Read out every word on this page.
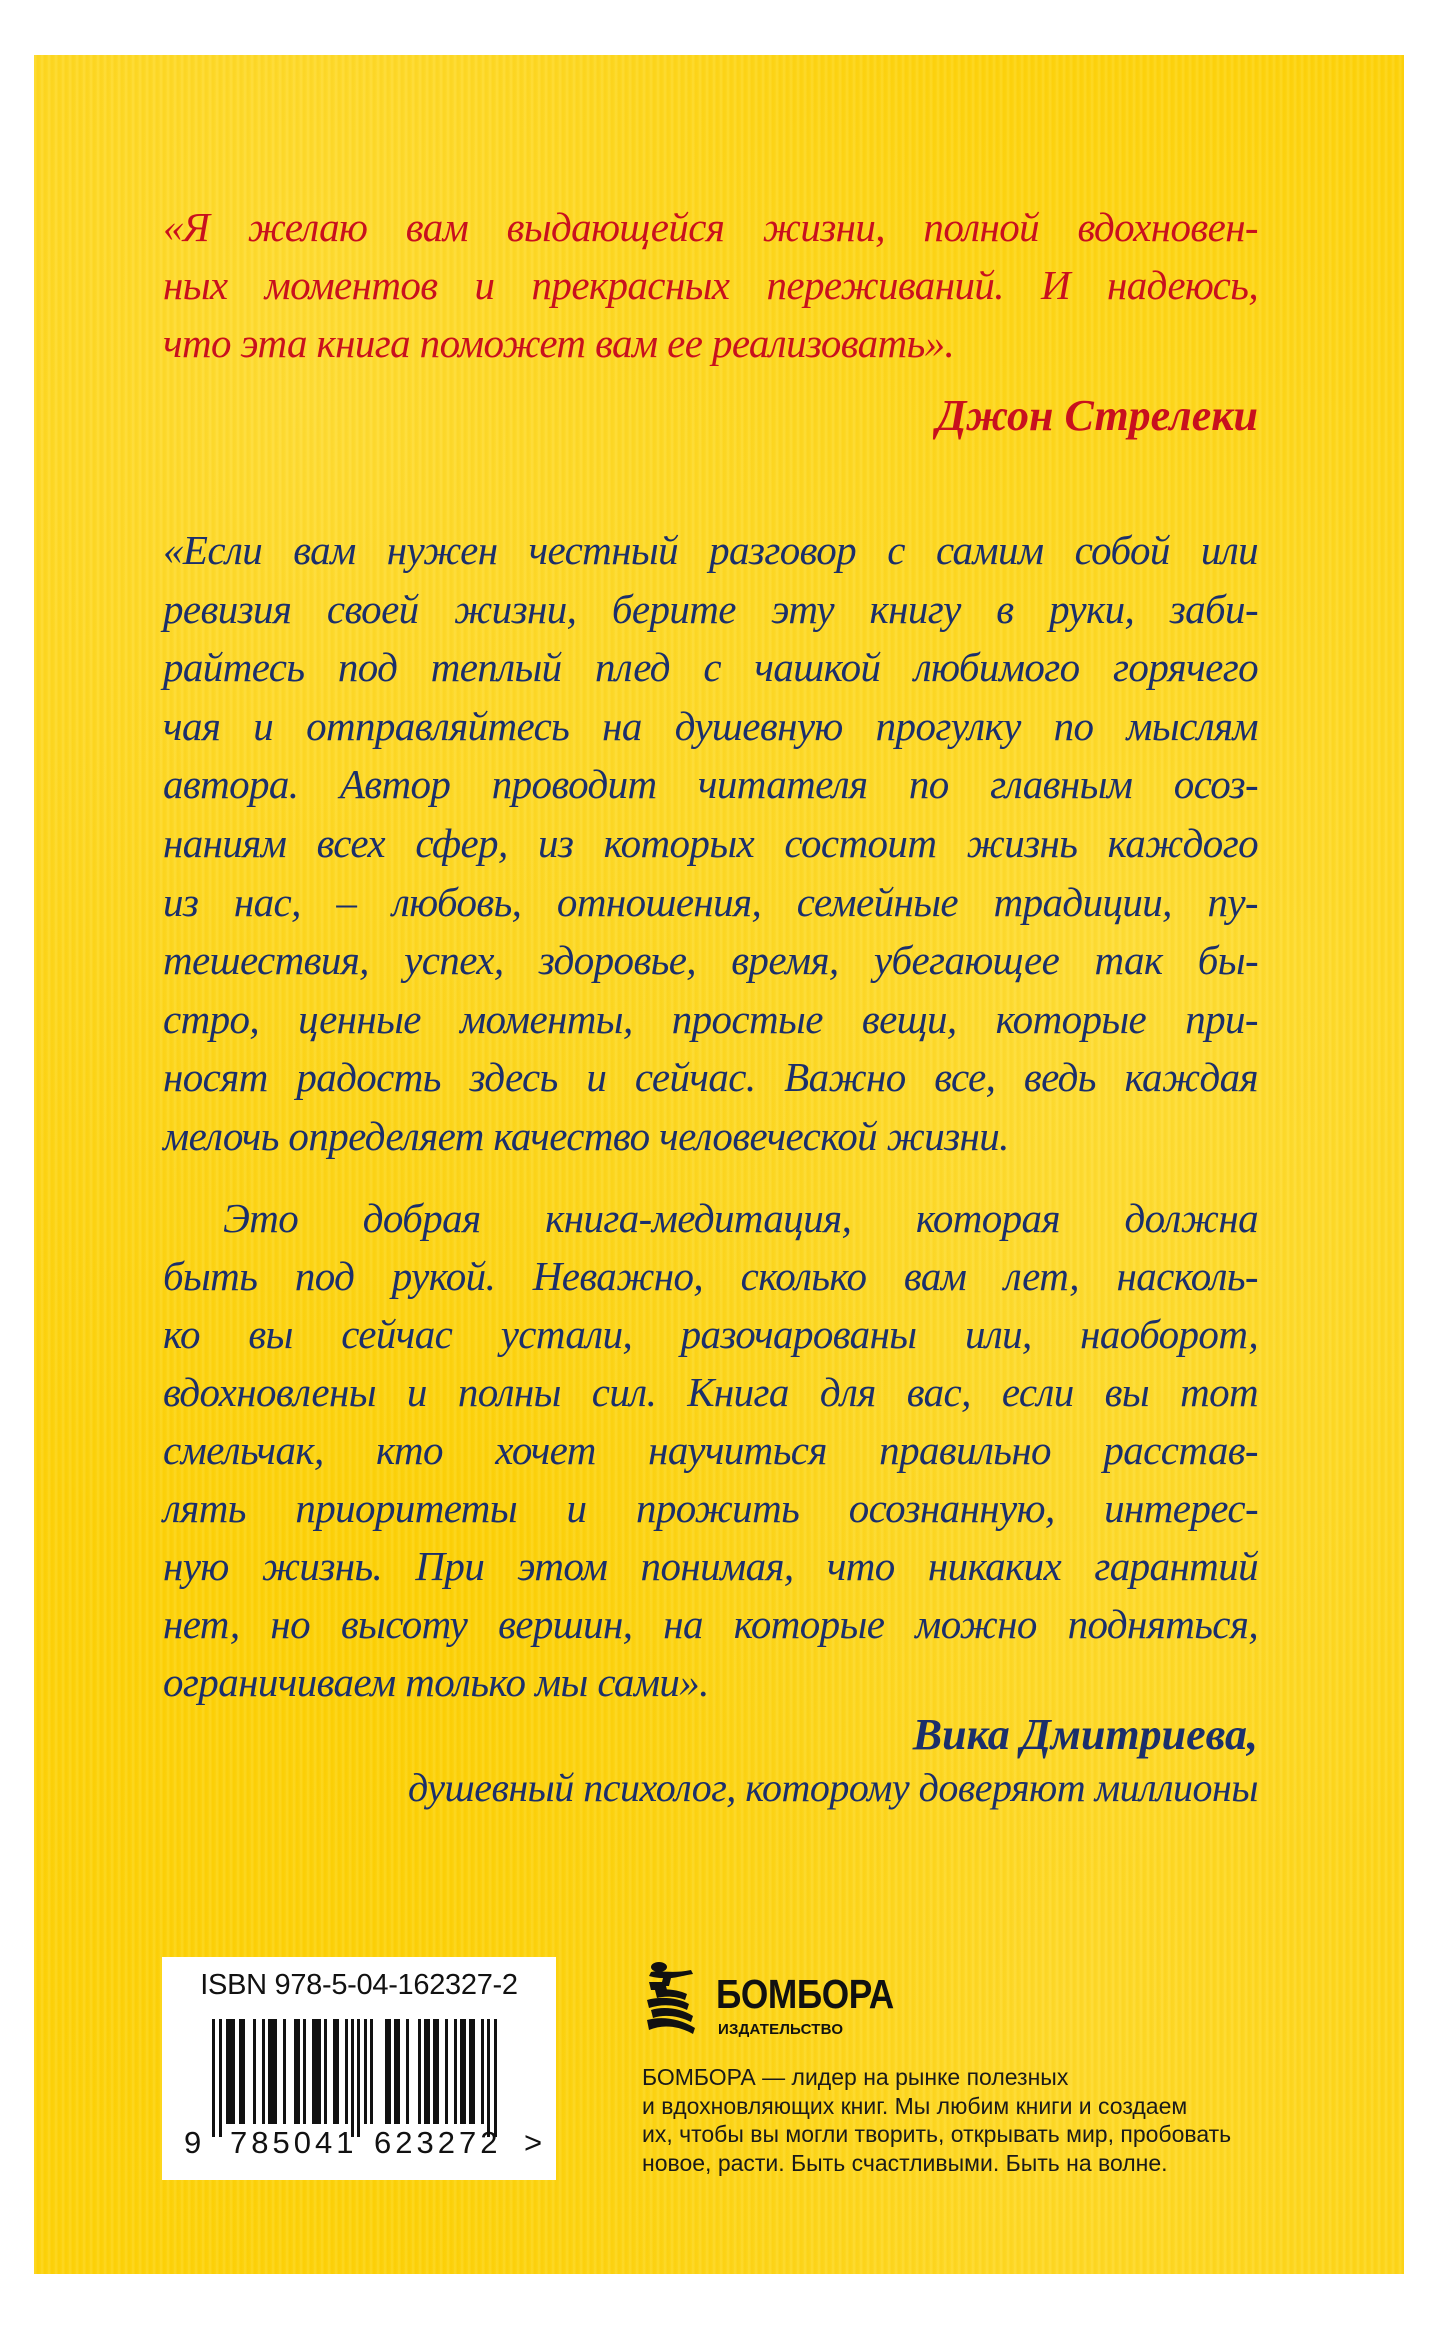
«Я желаю вам выдающейся жизни, полной вдохновен-
ных моментов и прекрасных переживаний. И надеюсь,
что эта книга поможет вам ее реализовать».
Джон Стрелеки
«Если вам нужен честный разговор с самим собой или
ревизия своей жизни, берите эту книгу в руки, заби-
райтесь под теплый плед с чашкой любимого горячего
чая и отправляйтесь на душевную прогулку по мыслям
автора. Автор проводит читателя по главным осоз-
наниям всех сфер, из которых состоит жизнь каждого
из нас, – любовь, отношения, семейные традиции, пу-
тешествия, успех, здоровье, время, убегающее так бы-
стро, ценные моменты, простые вещи, которые при-
носят радость здесь и сейчас. Важно все, ведь каждая
мелочь определяет качество человеческой жизни.
Это добрая книга-медитация, которая должна
быть под рукой. Неважно, сколько вам лет, насколь-
ко вы сейчас устали, разочарованы или, наоборот,
вдохновлены и полны сил. Книга для вас, если вы тот
смельчак, кто хочет научиться правильно расстав-
лять приоритеты и прожить осознанную, интерес-
ную жизнь. При этом понимая, что никаких гарантий
нет, но высоту вершин, на которые можно подняться,
ограничиваем только мы сами».
Вика Дмитриева,
душевный психолог, которому доверяют миллионы
ISBN 978-5-04-162327-2
9 785041 623272 >
БОМБОРА
ИЗДАТЕЛЬСТВО
БОМБОРА — лидер на рынке полезных
и вдохновляющих книг. Мы любим книги и создаем
их, чтобы вы могли творить, открывать мир, пробовать
новое, расти. Быть счастливыми. Быть на волне.
